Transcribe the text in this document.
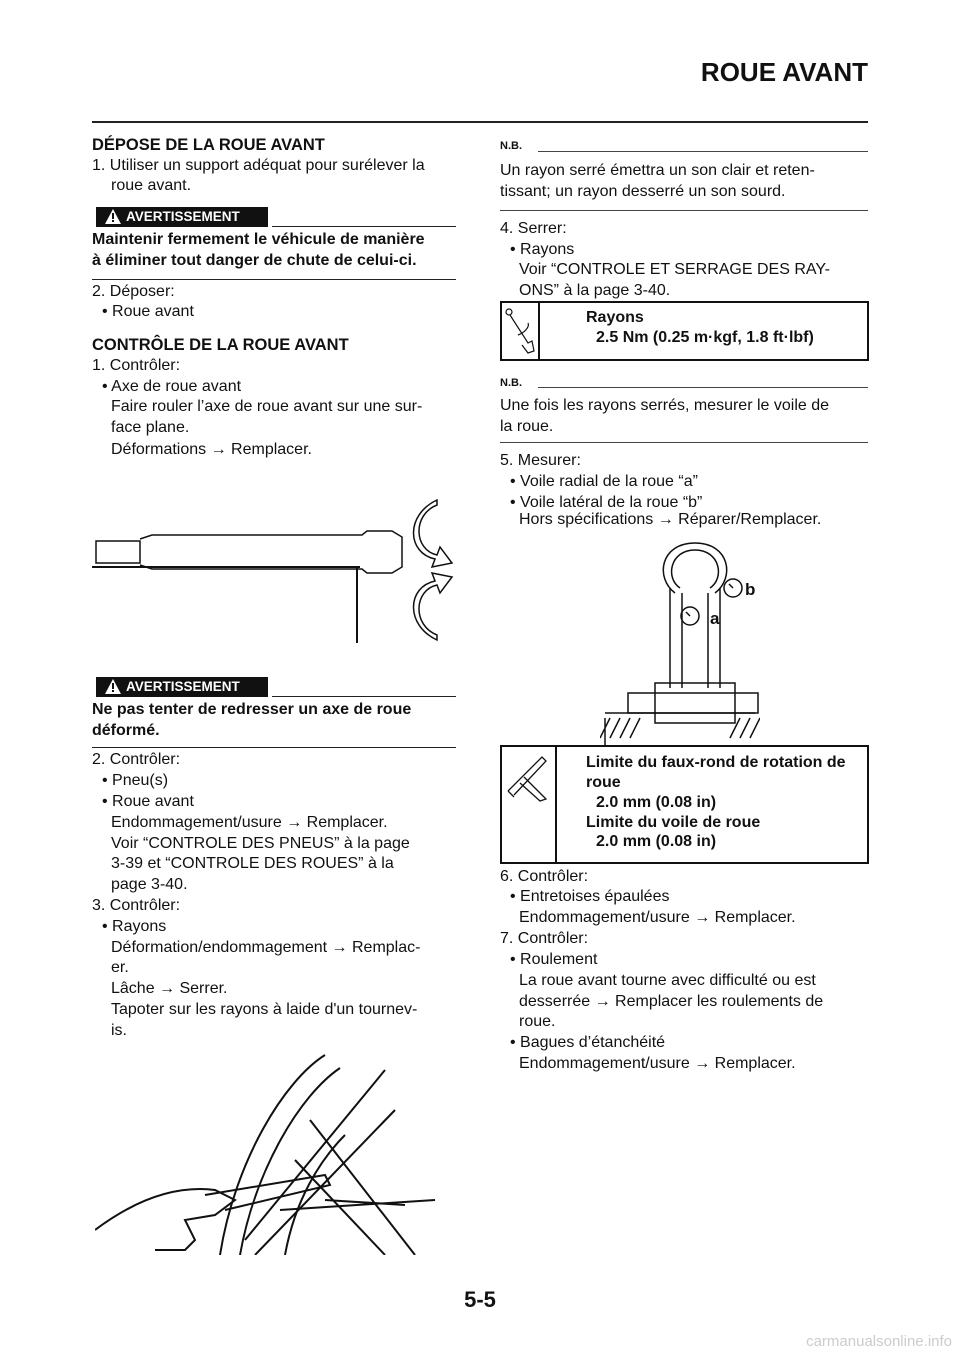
ROUE AVANT
DÉPOSE DE LA ROUE AVANT
1. Utiliser un support adéquat pour surélever la
roue avant.
AVERTISSEMENT
Maintenir fermement le véhicule de manière
à éliminer tout danger de chute de celui-ci.
2. Déposer:
• Roue avant
CONTRÔLE DE LA ROUE AVANT
1. Contrôler:
• Axe de roue avant
Faire rouler l’axe de roue avant sur une sur-
face plane.
Déformations → Remplacer.
AVERTISSEMENT
Ne pas tenter de redresser un axe de roue
déformé.
2. Contrôler:
• Pneu(s)
• Roue avant
Endommagement/usure → Remplacer.
Voir “CONTROLE DES PNEUS” à la page
3-39 et “CONTROLE DES ROUES” à la
page 3-40.
3. Contrôler:
• Rayons
Déformation/endommagement → Remplac-
er.
Lâche → Serrer.
Tapoter sur les rayons à laide d'un tournev-
is.
N.B.
Un rayon serré émettra un son clair et reten-
tissant; un rayon desserré un son sourd.
4. Serrer:
• Rayons
Voir “CONTROLE ET SERRAGE DES RAY-
ONS” à la page 3-40.
Rayons
2.5 Nm (0.25 m·kgf, 1.8 ft·lbf)
N.B.
Une fois les rayons serrés, mesurer le voile de
la roue.
5. Mesurer:
• Voile radial de la roue “a”
• Voile latéral de la roue “b”
Hors spécifications → Réparer/Remplacer.
b
a
Limite du faux-rond de rotation de
roue
2.0 mm (0.08 in)
Limite du voile de roue
2.0 mm (0.08 in)
6. Contrôler:
• Entretoises épaulées
Endommagement/usure → Remplacer.
7. Contrôler:
• Roulement
La roue avant tourne avec difficulté ou est
desserrée → Remplacer les roulements de
roue.
• Bagues d’étanchéité
Endommagement/usure → Remplacer.
5-5
carmanualsonline.info
